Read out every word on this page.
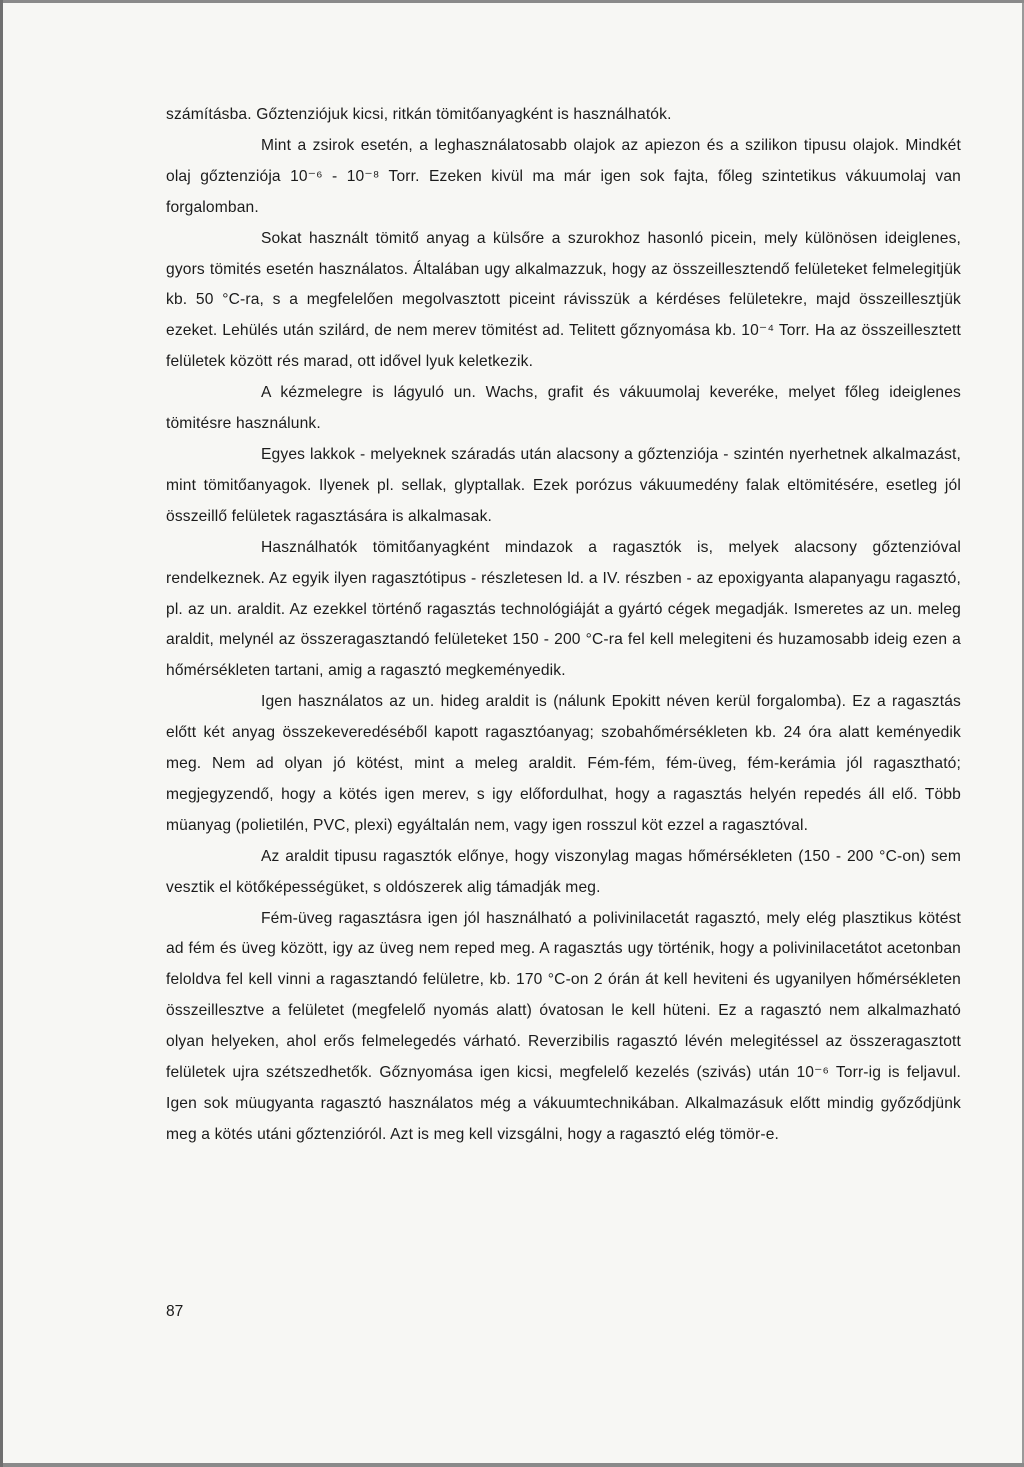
számításba. Gőztenziójuk kicsi, ritkán tömitőanyagként is használhatók.

Mint a zsirok esetén, a leghasználatosabb olajok az apiezon és a szilikon tipusu olajok. Mindkét olaj gőztenziója 10⁻⁶ - 10⁻⁸ Torr. Ezeken kivül ma már igen sok fajta, főleg szintetikus vákuumolaj van forgalomban.

Sokat használt tömitő anyag a külsőre a szurokhoz hasonló picein, mely különösen ideiglenes, gyors tömités esetén használatos. Általában ugy alkalmazzuk, hogy az összeillesztendő felületeket felmelegitjük kb. 50 °C-ra, s a megfelelően megolvasztott piceint rávisszük a kérdéses felületekre, majd összeillesztjük ezeket. Lehülés után szilárd, de nem merev tömitést ad. Telitett gőznyomása kb. 10⁻⁴ Torr. Ha az összeillesztett felületek között rés marad, ott idővel lyuk keletkezik.

A kézmelegre is lágyuló un. Wachs, grafit és vákuumolaj keveréke, melyet főleg ideiglenes tömitésre használunk.

Egyes lakkok - melyeknek száradás után alacsony a gőztenziója - szintén nyerhetnek alkalmazást, mint tömitőanyagok. Ilyenek pl. sellak, glyptallak. Ezek porózus vákuumedény falak eltömitésére, esetleg jól összeillő felületek ragasztására is alkalmasak.

Használhatók tömitőanyagként mindazok a ragasztók is, melyek alacsony gőztenzióval rendelkeznek. Az egyik ilyen ragasztótipus - részletesen ld. a IV. részben - az epoxigyanta alapanyagu ragasztó, pl. az un. araldit. Az ezekkel történő ragasztás technológiáját a gyártó cégek megadják. Ismeretes az un. meleg araldit, melynél az összeragasztandó felületeket 150 - 200 °C-ra fel kell melegiteni és huzamosabb ideig ezen a hőmérsékleten tartani, amig a ragasztó megkeményedik.

Igen használatos az un. hideg araldit is (nálunk Epokitt néven kerül forgalomba). Ez a ragasztás előtt két anyag összekeveredéséből kapott ragasztóanyag; szobahőmérsékleten kb. 24 óra alatt keményedik meg. Nem ad olyan jó kötést, mint a meleg araldit. Fém-fém, fém-üveg, fém-kerámia jól ragasztható; megjegyzendő, hogy a kötés igen merev, s igy előfordulhat, hogy a ragasztás helyén repedés áll elő. Több müanyag (polietilén, PVC, plexi) egyáltalán nem, vagy igen rosszul köt ezzel a ragasztóval.

Az araldit tipusu ragasztók előnye, hogy viszonylag magas hőmérsékleten (150 - 200 °C-on) sem vesztik el kötőképességüket, s oldószerek alig támadják meg.

Fém-üveg ragasztásra igen jól használható a polivinilacetát ragasztó, mely elég plasztikus kötést ad fém és üveg között, igy az üveg nem reped meg. A ragasztás ugy történik, hogy a polivinilacetátot acetonban feloldva fel kell vinni a ragasztandó felületre, kb. 170 °C-on 2 órán át kell heviteni és ugyanilyen hőmérsékleten összeillesztve a felületet (megfelelő nyomás alatt) óvatosan le kell hüteni. Ez a ragasztó nem alkalmazható olyan helyeken, ahol erős felmelegedés várható. Reverzibilis ragasztó lévén melegitéssel az összeragasztott felületek ujra szétszedhetők. Gőznyomása igen kicsi, megfelelő kezelés (szivás) után 10⁻⁶ Torr-ig is feljavul. Igen sok müugyanta ragasztó használatos még a vákuumtechnikában. Alkalmazásuk előtt mindig győződjünk meg a kötés utáni gőztenzióról. Azt is meg kell vizsgálni, hogy a ragasztó elég tömör-e.

87
